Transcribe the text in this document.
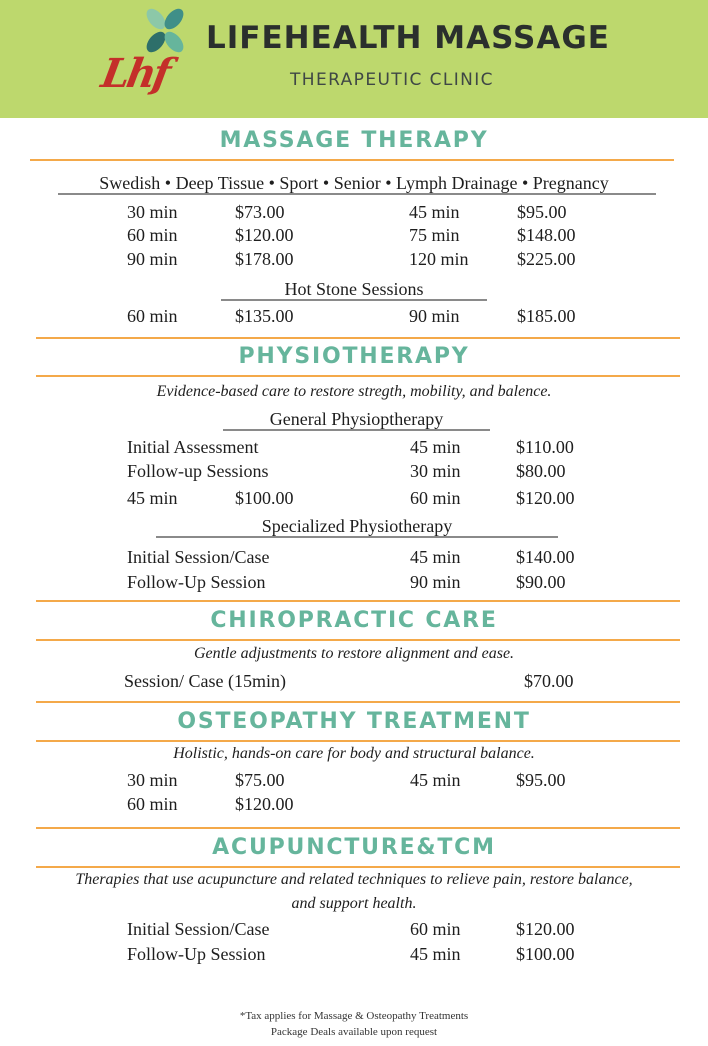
Lhf
LIFEHEALTH MASSAGE
THERAPEUTIC CLINIC
MASSAGE THERAPY
Swedish • Deep Tissue • Sport • Senior • Lymph Drainage • Pregnancy
30 min	$73.00	45 min	$95.00
60 min	$120.00	75 min	$148.00
90 min	$178.00	120 min	$225.00
Hot Stone Sessions
60 min	$135.00	90 min	$185.00
PHYSIOTHERAPY
Evidence-based care to restore stregth, mobility, and balence.
General Physioptherapy
Initial Assessment	45 min	$110.00
Follow-up Sessions	30 min	$80.00
45 min	$100.00	60 min	$120.00
Specialized Physiotherapy
Initial Session/Case	45 min	$140.00
Follow-Up Session	90 min	$90.00
CHIROPRACTIC CARE
Gentle adjustments to restore alignment and ease.
Session/ Case (15min)	$70.00
OSTEOPATHY TREATMENT
Holistic, hands-on care for body and structural balance.
30 min	$75.00	45 min	$95.00
60 min	$120.00
ACUPUNCTURE&TCM
Therapies that use acupuncture and related techniques to relieve pain, restore balance,
and support health.
Initial Session/Case	60 min	$120.00
Follow-Up Session	45 min	$100.00
*Tax applies for Massage & Osteopathy Treatments
Package Deals available upon request
